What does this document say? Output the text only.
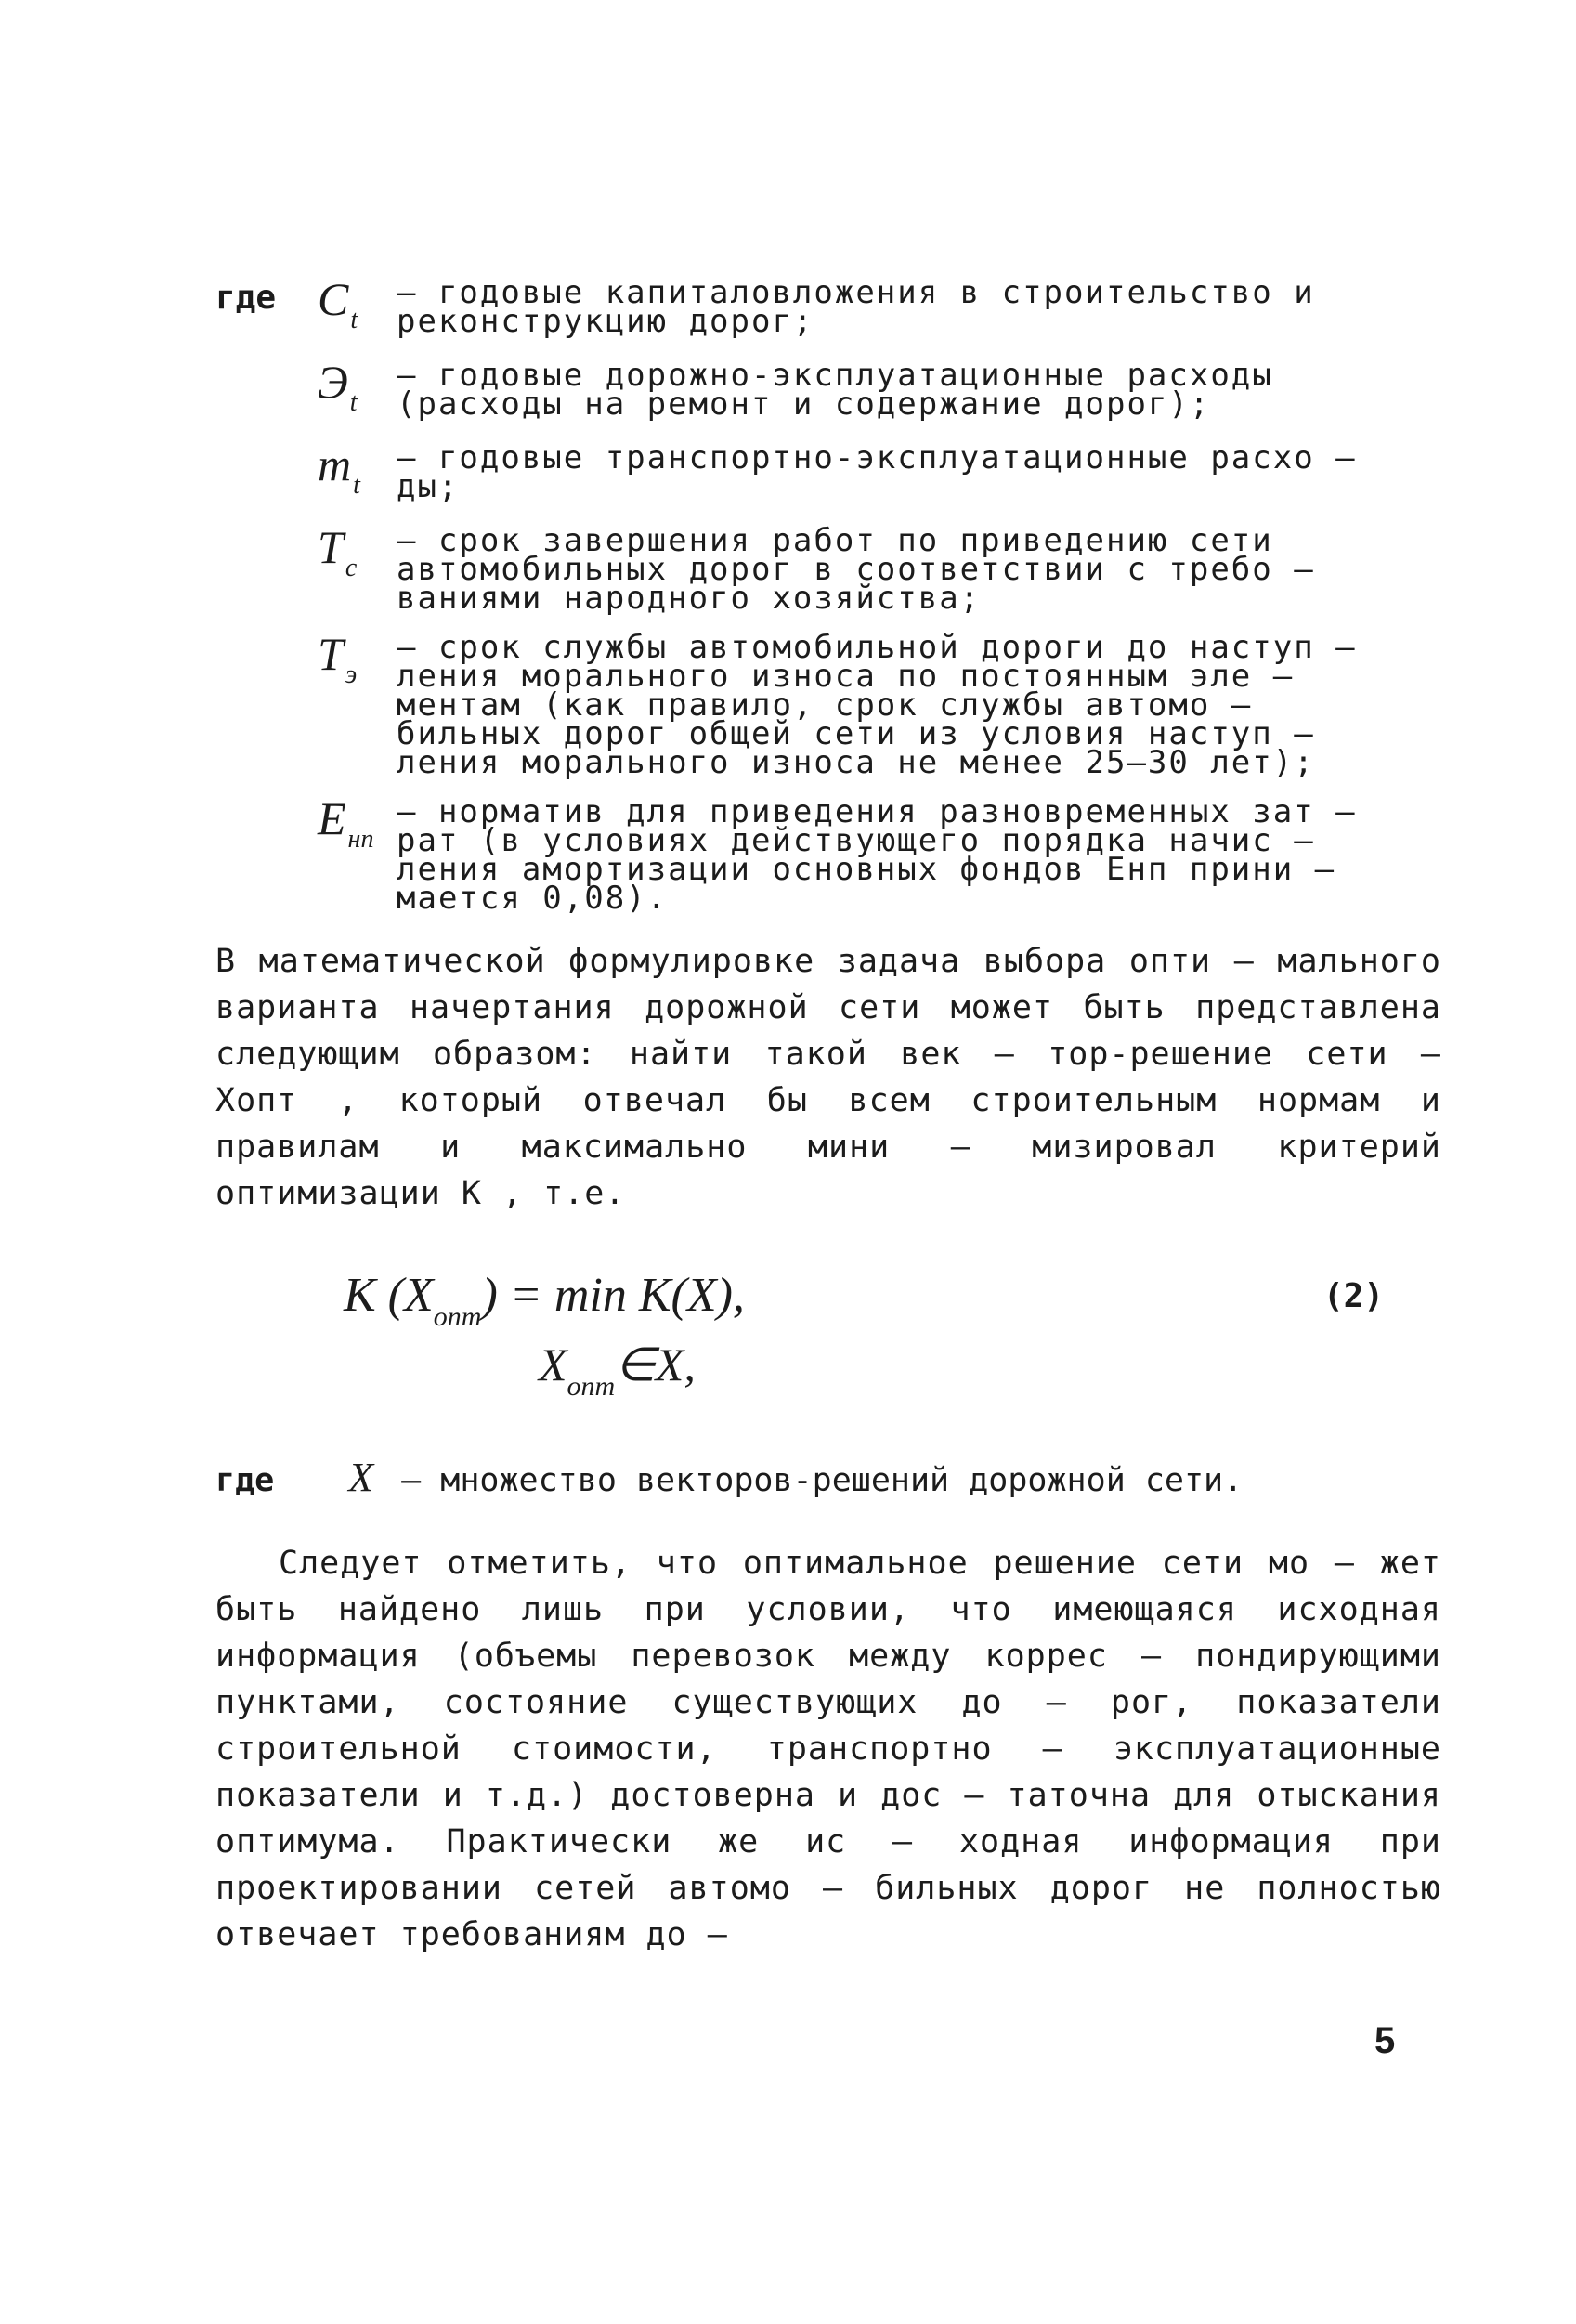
где $C_t$
– годовые капиталовложения в строительство и
реконструкцию дорог;
$Э_t$
– годовые дорожно-эксплуатационные расходы
(расходы на ремонт и содержание дорог);
$m_t$
– годовые транспортно-эксплуатационные расхо –
ды;
$T_c$
– срок завершения работ по приведению сети
автомобильных дорог в соответствии с требо –
ваниями народного хозяйства;
$T_э$
– срок службы автомобильной дороги до наступ –
ления морального износа по постоянным эле –
ментам (как правило, срок службы автомо –
бильных дорог общей сети из условия наступ –
ления морального износа не менее 25–30 лет);
$E_{нп}$
– норматив для приведения разновременных зат –
рат (в условиях действующего порядка начис –
ления амортизации основных фондов Eнп прини –
мается 0,08).
В математической формулировке задача выбора опти – мального варианта начертания дорожной сети может быть представлена следующим образом: найти такой век – тор-решение сети – Xопт , который отвечал бы всем строительным нормам и правилам и максимально мини – мизировал критерий оптимизации K , т.е.
K $(X_{опт}) = \min K(X)$,
$X_{опт}\in X$,
(2)
где X – множество векторов-решений дорожной сети.
Следует отметить, что оптимальное решение сети мо – жет быть найдено лишь при условии, что имеющаяся исходная информация (объемы перевозок между коррес – пондирующими пунктами, состояние существующих до – рог, показатели строительной стоимости, транспортно – эксплуатационные показатели и т.д.) достоверна и дос – таточна для отыскания оптимума. Практически же ис – ходная информация при проектировании сетей автомо – бильных дорог не полностью отвечает требованиям до –
5
